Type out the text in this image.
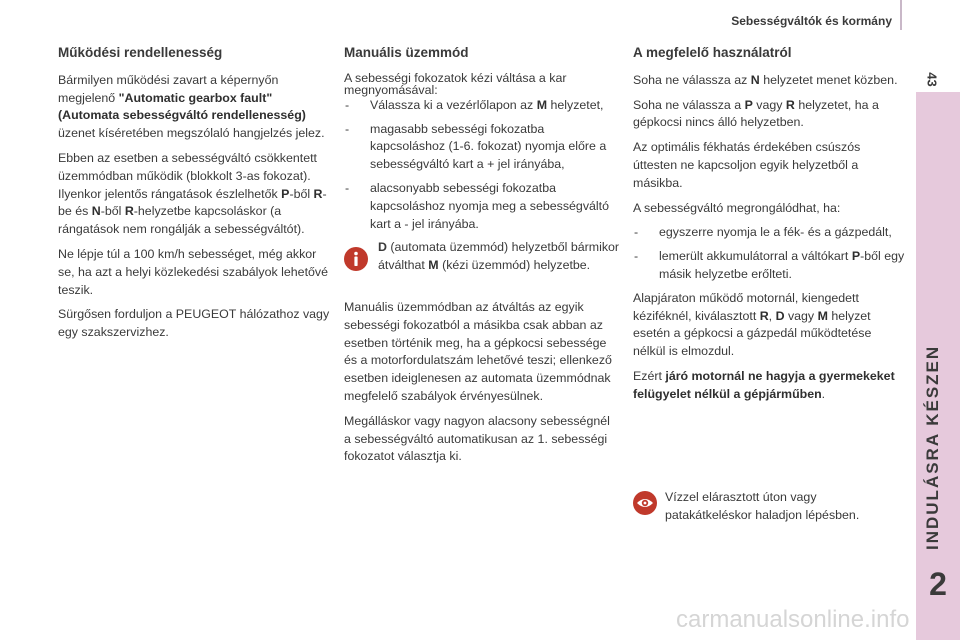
Sebességváltók és kormány
43
INDULÁSRA KÉSZEN
2
Működési rendellenesség

Bármilyen működési zavart a képernyőn megjelenő "Automatic gearbox fault" (Automata sebességváltó rendellenesség) üzenet kíséretében megszólaló hangjelzés jelez.

Ebben az esetben a sebességváltó csökkentett üzemmódban működik (blokkolt 3-as fokozat). Ilyenkor jelentős rángatások észlelhetők P-ből R-be és N-ből R-helyzetbe kapcsoláskor (a rángatások nem rongálják a sebességváltót).

Ne lépje túl a 100 km/h sebességet, még akkor se, ha azt a helyi közlekedési szabályok lehetővé teszik.

Sürgősen forduljon a PEUGEOT hálózathoz vagy egy szakszervizhez.

Manuális üzemmód

A sebességi fokozatok kézi váltása a kar megnyomásával:

- Válassza ki a vezérlőlapon az M helyzetet,
- magasabb sebességi fokozatba kapcsoláshoz (1-6. fokozat) nyomja előre a sebességváltó kart a + jel irányába,
- alacsonyabb sebességi fokozatba kapcsoláshoz nyomja meg a sebességváltó kart a - jel irányába.
D (automata üzemmód) helyzetből bármikor átválthat M (kézi üzemmód) helyzetbe.

Manuális üzemmódban az átváltás az egyik sebességi fokozatból a másikba csak abban az esetben történik meg, ha a gépkocsi sebessége és a motorfordulatszám lehetővé teszi; ellenkező esetben ideiglenesen az automata üzemmódnak megfelelő szabályok érvényesülnek.

Megálláskor vagy nagyon alacsony sebességnél a sebességváltó automatikusan az 1. sebességi fokozatot választja ki.

A megfelelő használatról

Soha ne válassza az N helyzetet menet közben.

Soha ne válassza a P vagy R helyzetet, ha a gépkocsi nincs álló helyzetben.

Az optimális fékhatás érdekében csúszós úttesten ne kapcsoljon egyik helyzetből a másikba.

A sebességváltó megrongálódhat, ha:

- egyszerre nyomja le a fék- és a gázpedált,
- lemerült akkumulátorral a váltókart P-ből egy másik helyzetbe erőlteti.

Alapjáraton működő motornál, kiengedett kéziféknél, kiválasztott R, D vagy M helyzet esetén a gépkocsi a gázpedál működtetése nélkül is elmozdul.

Ezért járó motornál ne hagyja a gyermekeket felügyelet nélkül a gépjárműben.

Vízzel elárasztott úton vagy patakátkeléskor haladjon lépésben.
carmanualsonline.info
